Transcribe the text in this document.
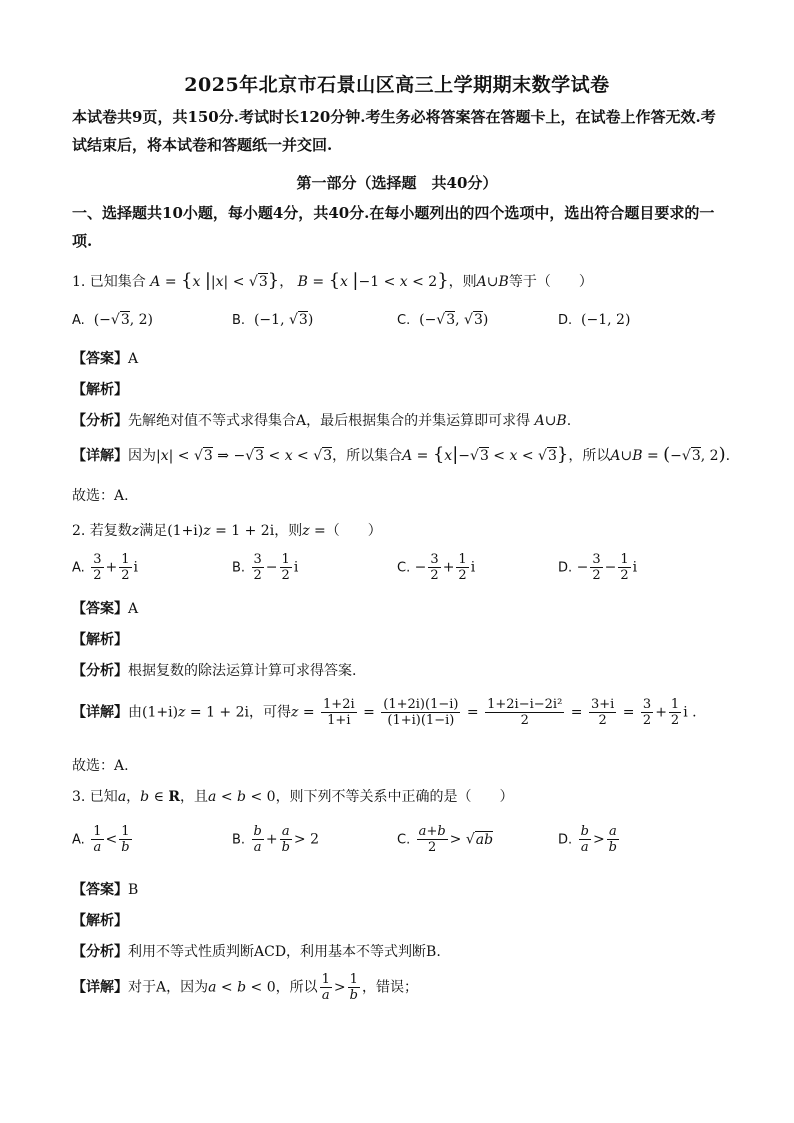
2025年北京市石景山区高三上学期期末数学试卷
本试卷共9页，共150分.考试时长120分钟.考生务必将答案答在答题卡上，在试卷上作答无效.考试结束后，将本试卷和答题纸一并交回.
第一部分（选择题　共40分）
一、选择题共10小题，每小题4分，共40分.在每小题列出的四个选项中，选出符合题目要求的一项.
1. 已知集合 A = {x ||x| < √3}， B = {x |−1 < x < 2}，则A∪B等于（　　）
A.  (−√3, 2)	B.  (−1, √3)	C.  (−√3, √3)	D.  (−1, 2)
【答案】A
【解析】
【分析】先解绝对值不等式求得集合A，最后根据集合的并集运算即可求得 A∪B.
【详解】因为|x| < √3 ⇒ −√3 < x < √3，所以集合A = {x|−√3 < x < √3}，所以A∪B = (−√3, 2).
故选：A.
2. 若复数z满足(1+i)z = 1 + 2i，则z =（　　）
A. $\frac{3}{2} + \frac{1}{2}$ i	B. $\frac{3}{2} - \frac{1}{2}$ i	C. − $\frac{3}{2} + \frac{1}{2}$ i	D. − $\frac{3}{2} - \frac{1}{2}$ i
【答案】A
【解析】
【分析】根据复数的除法运算计算可求得答案.
【详解】由(1+i)z = 1 + 2i，可得$z = \frac{1+2i}{1+i} = \frac{(1+2i)(1-i)}{(1+i)(1-i)} = \frac{\text{1+2i−i−2i²}}{2} = \frac{3+i}{2} = \frac{3}{2} + \frac{1}{2}$ i .
故选：A.
3. 已知a，b ∈ R，且a < b < 0，则下列不等关系中正确的是（　　）
A. $\frac{1}{a} < \frac{1}{b}$	B. $\frac{b}{a} + \frac{a}{b} > 2$	C. $\frac{a+b}{2} > √ab$	D. $\frac{b}{a} > \frac{a}{b}$
【答案】B
【解析】
【分析】利用不等式性质判断ACD，利用基本不等式判断B.
【详解】对于A，因为a < b < 0，所以 $\frac{1}{a} > \frac{1}{b}$ ，错误；
